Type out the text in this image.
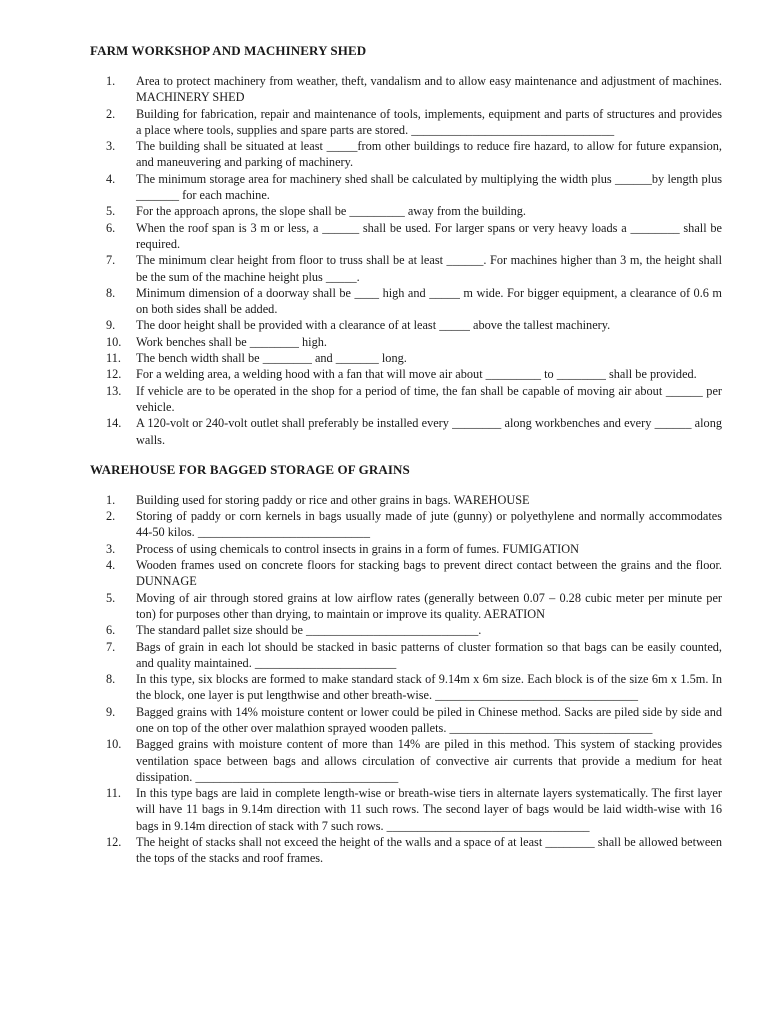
FARM WORKSHOP AND MACHINERY SHED
1.	Area to protect machinery from weather, theft, vandalism and to allow easy maintenance and adjustment of machines. MACHINERY SHED
2.	Building for fabrication, repair and maintenance of tools, implements, equipment and parts of structures and provides a place where tools, supplies and spare parts are stored. _________________________________
3.	The building shall be situated at least _____from other buildings to reduce fire hazard, to allow for future expansion, and maneuvering and parking of machinery.
4.	The minimum storage area for machinery shed shall be calculated by multiplying the width plus ______by length plus _______ for each machine.
5.	For the approach aprons, the slope shall be _________ away from the building.
6.	When the roof span is 3 m or less, a ______ shall be used. For larger spans or very heavy loads a ________ shall be required.
7.	The minimum clear height from floor to truss shall be at least ______. For machines higher than 3 m, the height shall be the sum of the machine height plus _____.
8.	Minimum dimension of a doorway shall be ____ high and _____ m wide. For bigger equipment, a clearance of 0.6 m on both sides shall be added.
9.	The door height shall be provided with a clearance of at least _____ above the tallest machinery.
10.	Work benches shall be ________ high.
11.	The bench width shall be ________ and _______ long.
12.	For a welding area, a welding hood with a fan that will move air about _________ to ________ shall be provided.
13.	If vehicle are to be operated in the shop for a period of time, the fan shall be capable of moving air about ______ per vehicle.
14.	A 120-volt or 240-volt outlet shall preferably be installed every ________ along workbenches and every ______ along walls.
WAREHOUSE FOR BAGGED STORAGE OF GRAINS
1.	Building used for storing paddy or rice and other grains in bags. WAREHOUSE
2.	Storing of paddy or corn kernels in bags usually made of jute (gunny) or polyethylene and normally accommodates 44-50 kilos. ____________________________
3.	Process of using chemicals to control insects in grains in a form of fumes. FUMIGATION
4.	Wooden frames used on concrete floors for stacking bags to prevent direct contact between the grains and the floor. DUNNAGE
5.	Moving of air through stored grains at low airflow rates (generally between 0.07 – 0.28 cubic meter per minute per ton) for purposes other than drying, to maintain or improve its quality. AERATION
6.	The standard pallet size should be ____________________________.
7.	Bags of grain in each lot should be stacked in basic patterns of cluster formation so that bags can be easily counted, and quality maintained. _______________________
8.	In this type, six blocks are formed to make standard stack of 9.14m x 6m size. Each block is of the size 6m x 1.5m. In the block, one layer is put lengthwise and other breath-wise. _________________________________
9.	Bagged grains with 14% moisture content or lower could be piled in Chinese method. Sacks are piled side by side and one on top of the other over malathion sprayed wooden pallets. _________________________________
10.	Bagged grains with moisture content of more than 14% are piled in this method. This system of stacking provides ventilation space between bags and allows circulation of convective air currents that provide a medium for heat dissipation. _________________________________
11.	In this type bags are laid in complete length-wise or breath-wise tiers in alternate layers systematically. The first layer will have 11 bags in 9.14m direction with 11 such rows. The second layer of bags would be laid width-wise with 16 bags in 9.14m direction of stack with 7 such rows. _________________________________
12.	The height of stacks shall not exceed the height of the walls and a space of at least ________ shall be allowed between the tops of the stacks and roof frames.
